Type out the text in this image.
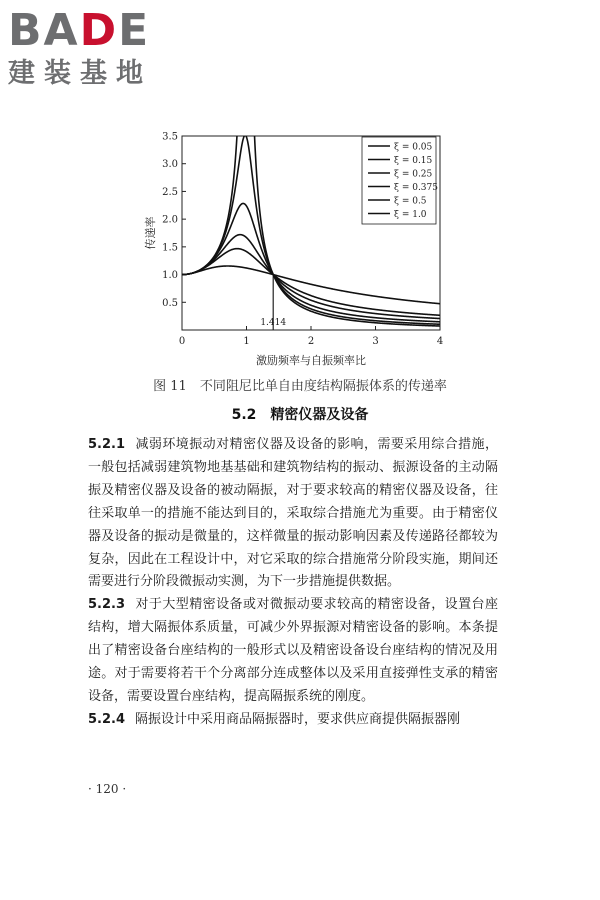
BADE
建装基地
0.5
1.0
1.5
2.0
2.5
3.0
3.5
0	1	2	3	4
1.414
激励频率与自振频率比
传递率
ξ = 0.05
ξ = 0.15
ξ = 0.25
ξ = 0.375
ξ = 0.5
ξ = 1.0
图 11　不同阻尼比单自由度结构隔振体系的传递率
5.2　精密仪器及设备

5.2.1 减弱环境振动对精密仪器及设备的影响，需要采用综合措施，一般包括减弱建筑物地基基础和建筑物结构的振动、振源设备的主动隔振及精密仪器及设备的被动隔振，对于要求较高的精密仪器及设备，往往采取单一的措施不能达到目的，采取综合措施尤为重要。由于精密仪器及设备的振动是微量的，这样微量的振动影响因素及传递路径都较为复杂，因此在工程设计中，对它采取的综合措施常分阶段实施，期间还需要进行分阶段微振动实测，为下一步措施提供数据。

5.2.3 对于大型精密设备或对微振动要求较高的精密设备，设置台座结构，增大隔振体系质量，可减少外界振源对精密设备的影响。本条提出了精密设备台座结构的一般形式以及精密设备设台座结构的情况及用途。对于需要将若干个分离部分连成整体以及采用直接弹性支承的精密设备，需要设置台座结构，提高隔振系统的刚度。

5.2.4 隔振设计中采用商品隔振器时，要求供应商提供隔振器刚

· 120 ·
